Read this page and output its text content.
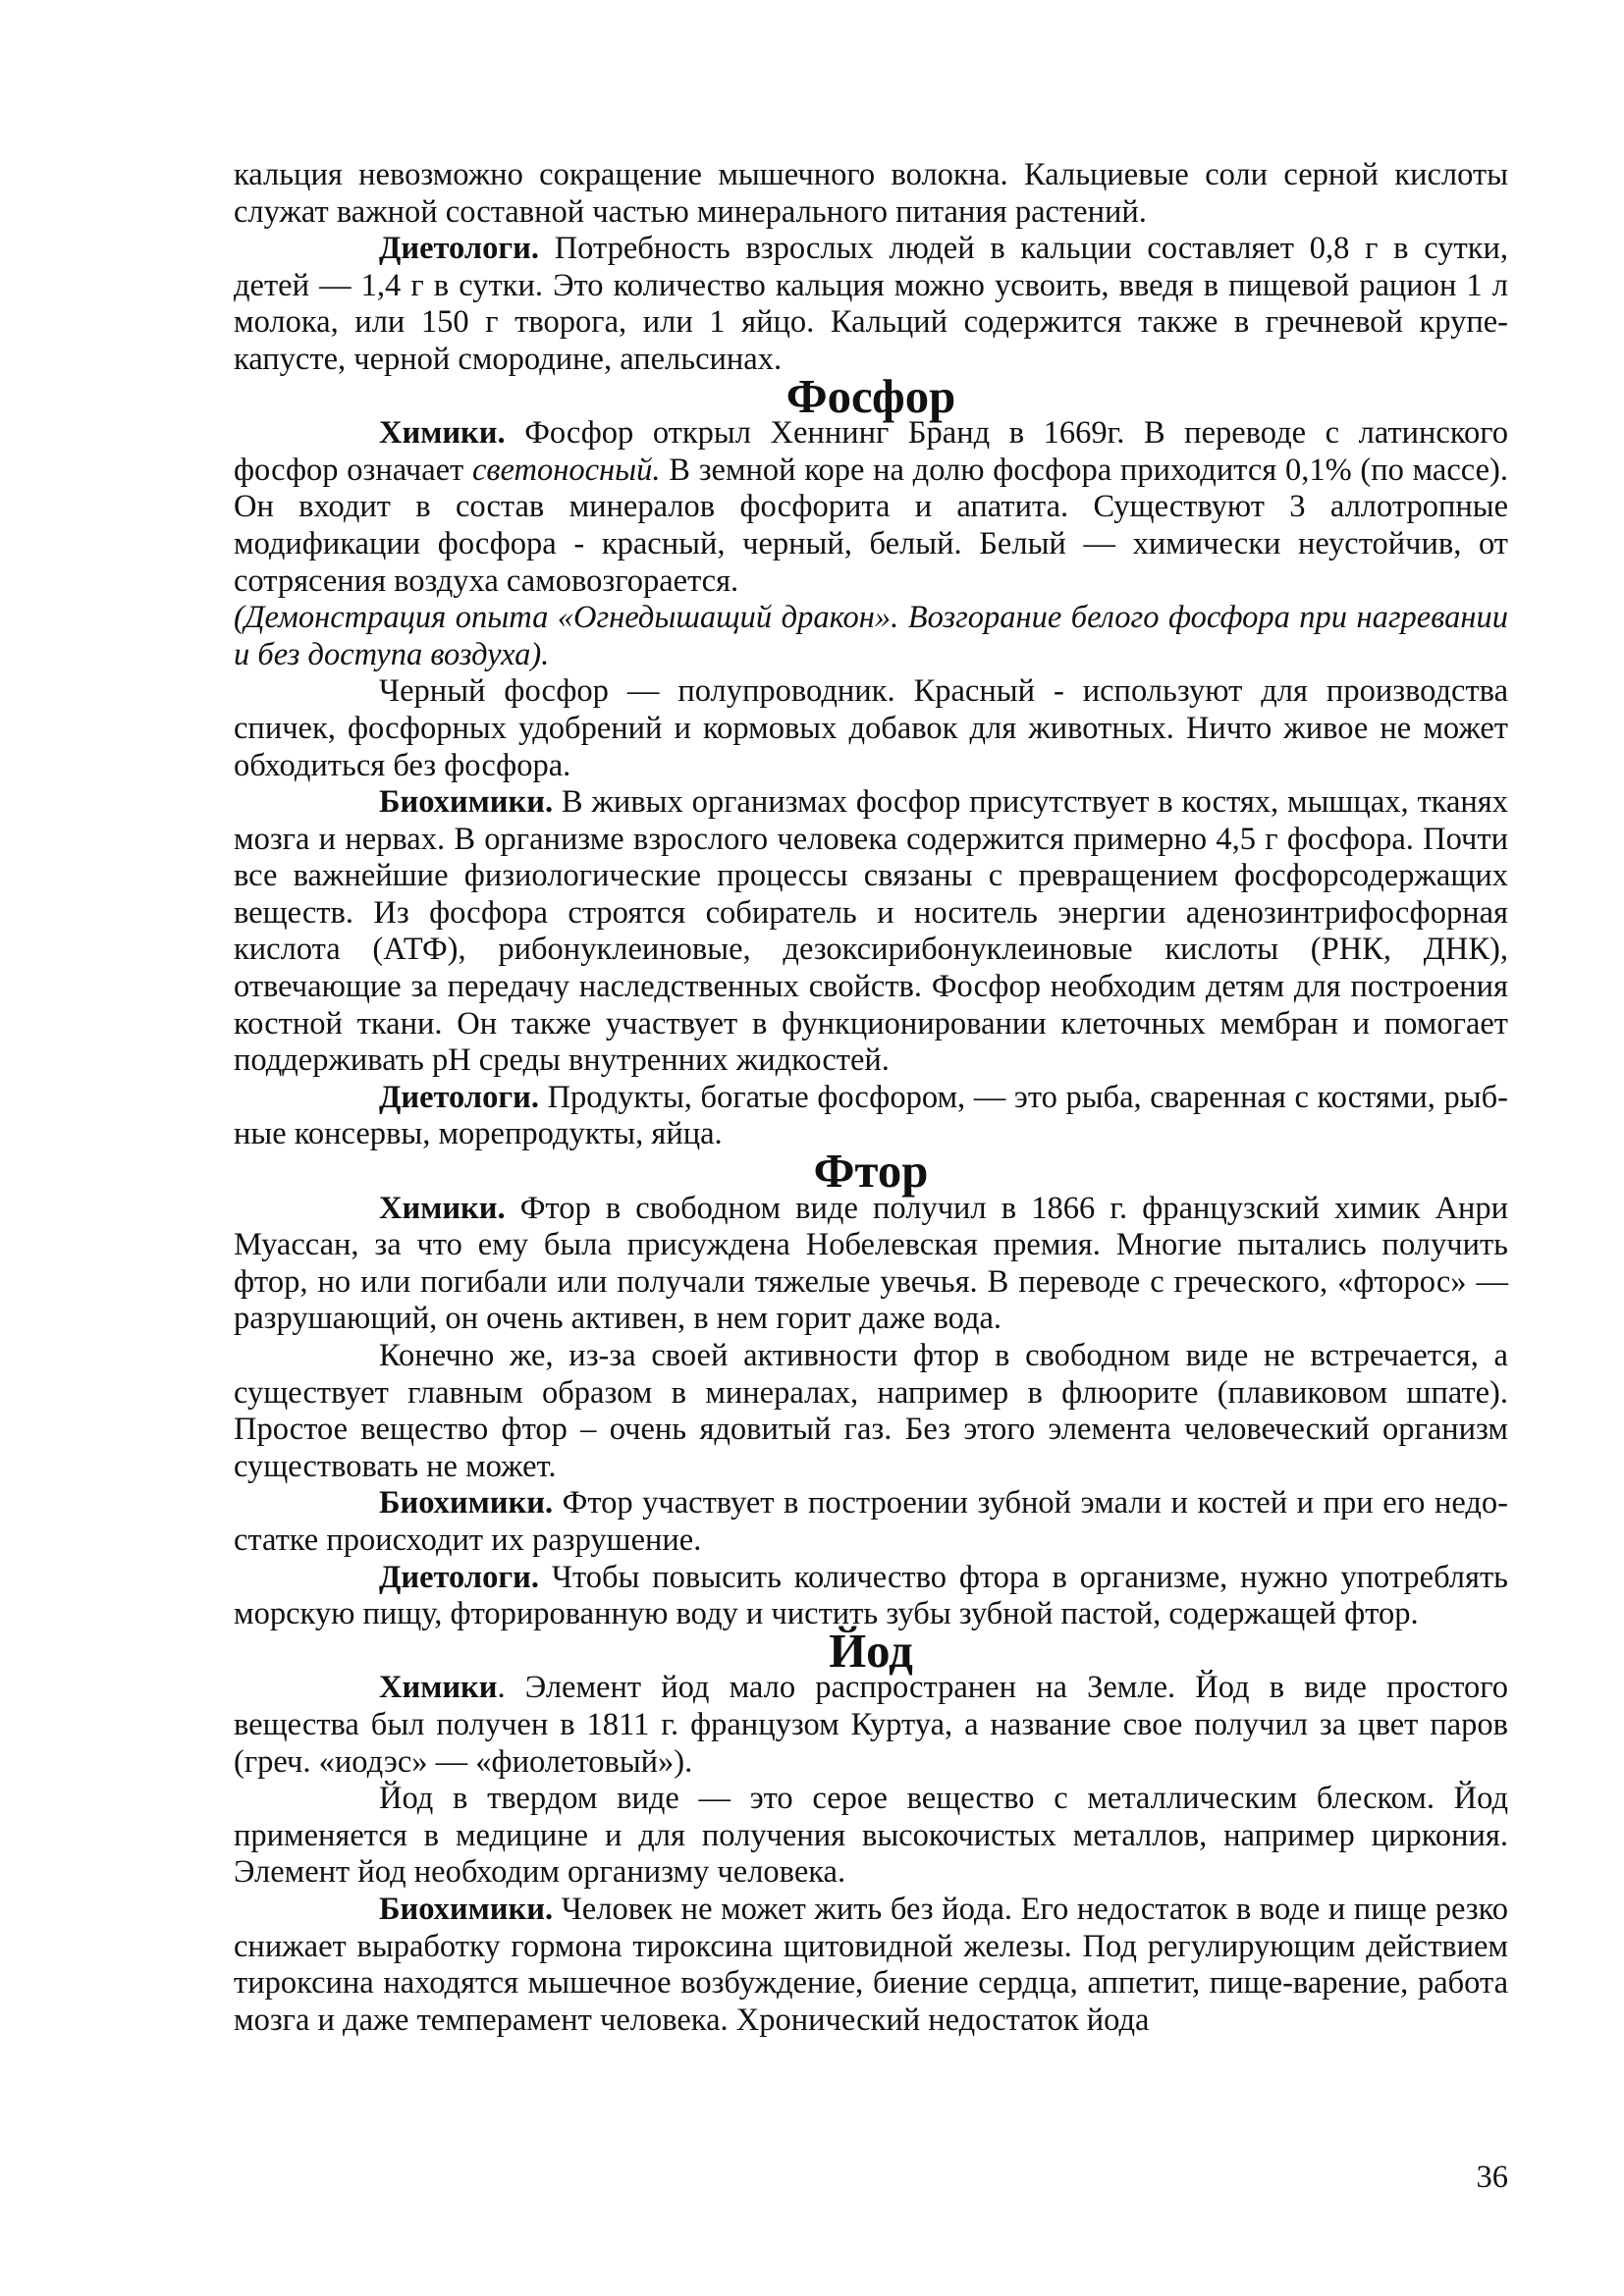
кальция невозможно сокращение мышечного волокна. Кальциевые соли серной кислоты служат важной составной частью минерального питания растений.

Диетологи. Потребность взрослых людей в кальции составляет 0,8 г в сутки, детей — 1,4 г в сутки. Это количество кальция можно усвоить, введя в пищевой рацион 1 л молока, или 150 г творога, или 1 яйцо. Кальций содержится также в гречневой крупе-капусте, черной смородине, апельсинах.

Фосфор

Химики. Фосфор открыл Хеннинг Бранд в 1669г. В переводе с латинского фосфор означает светоносный. В земной коре на долю фосфора приходится 0,1% (по массе). Он входит в состав минералов фосфорита и апатита. Существуют 3 аллотропные модификации фосфора - красный, черный, белый. Белый — химически неустойчив, от сотрясения воздуха самовозгорается.

(Демонстрация опыта «Огнедышащий дракон». Возгорание белого фосфора при нагревании и без доступа воздуха).

Черный фосфор — полупроводник. Красный - используют для производства спичек, фосфорных удобрений и кормовых добавок для животных. Ничто живое не может обходиться без фосфора.

Биохимики. В живых организмах фосфор присутствует в костях, мышцах, тканях мозга и нервах. В организме взрослого человека содержится примерно 4,5 г фосфора. Почти все важнейшие физиологические процессы связаны с превращением фосфорсодержащих веществ. Из фосфора строятся собиратель и носитель энергии аденозинтрифосфорная кислота (АТФ), рибонуклеиновые, дезоксирибонуклеиновые кислоты (РНК, ДНК), отвечающие за передачу наследственных свойств. Фосфор необходим детям для построения костной ткани. Он также участвует в функционировании клеточных мембран и помогает поддерживать pH среды внутренних жидкостей.

Диетологи. Продукты, богатые фосфором, — это рыба, сваренная с костями, рыб-ные консервы, морепродукты, яйца.

Фтор

Химики. Фтор в свободном виде получил в 1866 г. французский химик Анри Муассан, за что ему была присуждена Нобелевская премия. Многие пытались получить фтор, но или погибали или получали тяжелые увечья. В переводе с греческого, «фторос» — разрушающий, он очень активен, в нем горит даже вода.

Конечно же, из-за своей активности фтор в свободном виде не встречается, а существует главным образом в минералах, например в флюорите (плавиковом шпате). Простое вещество фтор – очень ядовитый газ. Без этого элемента человеческий организм существовать не может.

Биохимики. Фтор участвует в построении зубной эмали и костей и при его недо-статке происходит их разрушение.

Диетологи. Чтобы повысить количество фтора в организме, нужно употреблять морскую пищу, фторированную воду и чистить зубы зубной пастой, содержащей фтор.

Йод

Химики. Элемент йод мало распространен на Земле. Йод в виде простого вещества был получен в 1811 г. французом Куртуа, а название свое получил за цвет паров (греч. «иодэс» — «фиолетовый»).

Йод в твердом виде — это серое вещество с металлическим блеском. Йод применяется в медицине и для получения высокочистых металлов, например циркония. Элемент йод необходим организму человека.

Биохимики. Человек не может жить без йода. Его недостаток в воде и пище резко снижает выработку гормона тироксина щитовидной железы. Под регулирующим действием тироксина находятся мышечное возбуждение, биение сердца, аппетит, пище-варение, работа мозга и даже темперамент человека. Хронический недостаток йода

36
